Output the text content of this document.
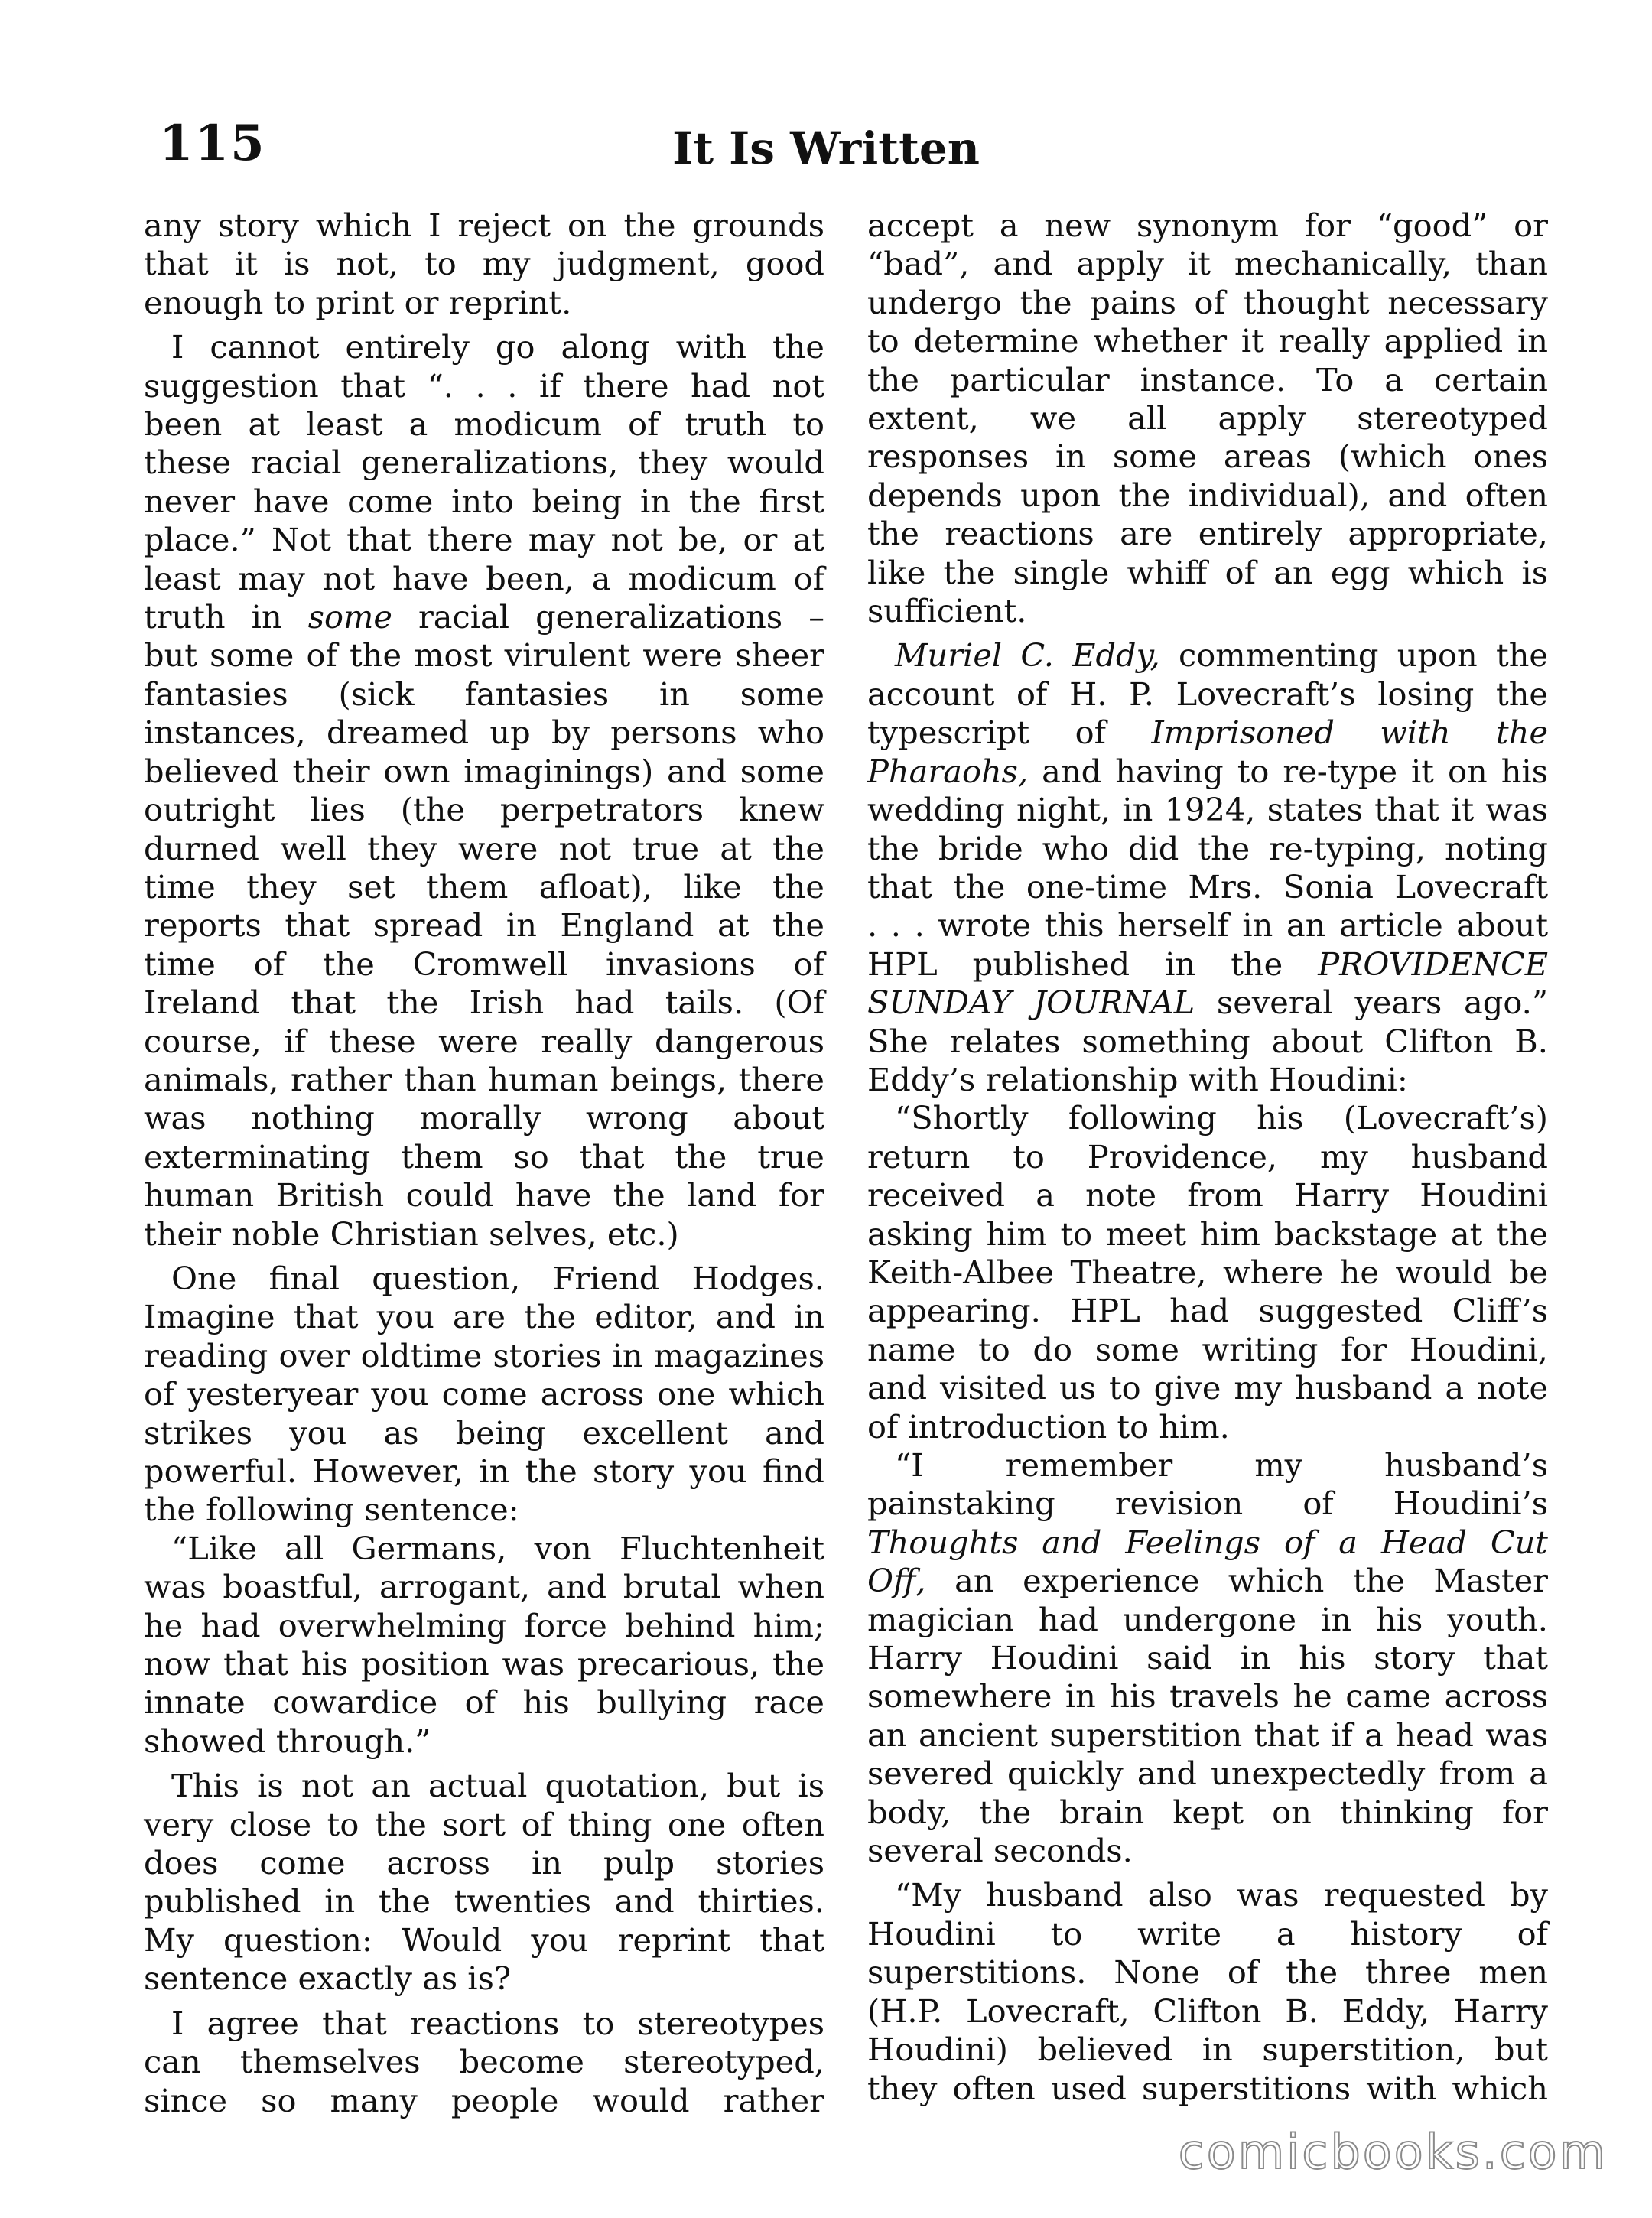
115	It Is Written

any story which I reject on the grounds
that it is not, to my judgment, good
enough to print or reprint.

I cannot entirely go along with the
suggestion that “. . . if there had not
been at least a modicum of truth to
these racial generalizations, they would
never have come into being in the first
place.” Not that there may not be, or at
least may not have been, a modicum of
truth in some racial generalizations –
but some of the most virulent were sheer
fantasies (sick fantasies in some
instances, dreamed up by persons who
believed their own imaginings) and some
outright lies (the perpetrators knew
durned well they were not true at the
time they set them afloat), like the
reports that spread in England at the
time of the Cromwell invasions of
Ireland that the Irish had tails. (Of
course, if these were really dangerous
animals, rather than human beings, there
was nothing morally wrong about
exterminating them so that the true
human British could have the land for
their noble Christian selves, etc.)

One final question, Friend Hodges.
Imagine that you are the editor, and in
reading over oldtime stories in magazines
of yesteryear you come across one which
strikes you as being excellent and
powerful. However, in the story you find
the following sentence:

“Like all Germans, von Fluchtenheit
was boastful, arrogant, and brutal when
he had overwhelming force behind him;
now that his position was precarious, the
innate cowardice of his bullying race
showed through.”

This is not an actual quotation, but is
very close to the sort of thing one often
does come across in pulp stories
published in the twenties and thirties.
My question: Would you reprint that
sentence exactly as is?

I agree that reactions to stereotypes
can themselves become stereotyped,
since so many people would rather

accept a new synonym for “good” or
“bad”, and apply it mechanically, than
undergo the pains of thought necessary
to determine whether it really applied in
the particular instance. To a certain
extent, we all apply stereotyped
responses in some areas (which ones
depends upon the individual), and often
the reactions are entirely appropriate,
like the single whiff of an egg which is
sufficient.

Muriel C. Eddy, commenting upon the
account of H. P. Lovecraft’s losing the
typescript of Imprisoned with the
Pharaohs, and having to re-type it on his
wedding night, in 1924, states that it was
the bride who did the re-typing, noting
that the one-time Mrs. Sonia Lovecraft

. . . wrote this herself in an article about
HPL published in the PROVIDENCE
SUNDAY JOURNAL several years ago.”
She relates something about Clifton B.
Eddy’s relationship with Houdini:

“Shortly following his (Lovecraft’s)
return to Providence, my husband
received a note from Harry Houdini
asking him to meet him backstage at the
Keith-Albee Theatre, where he would be
appearing. HPL had suggested Cliff’s
name to do some writing for Houdini,
and visited us to give my husband a note
of introduction to him.

“I remember my husband’s
painstaking revision of Houdini’s
Thoughts and Feelings of a Head Cut
Off, an experience which the Master
magician had undergone in his youth.
Harry Houdini said in his story that
somewhere in his travels he came across
an ancient superstition that if a head was
severed quickly and unexpectedly from a
body, the brain kept on thinking for
several seconds.

“My husband also was requested by
Houdini to write a history of
superstitions. None of the three men
(H.P. Lovecraft, Clifton B. Eddy, Harry
Houdini) believed in superstition, but
they often used superstitions with which

comicbooks.com
